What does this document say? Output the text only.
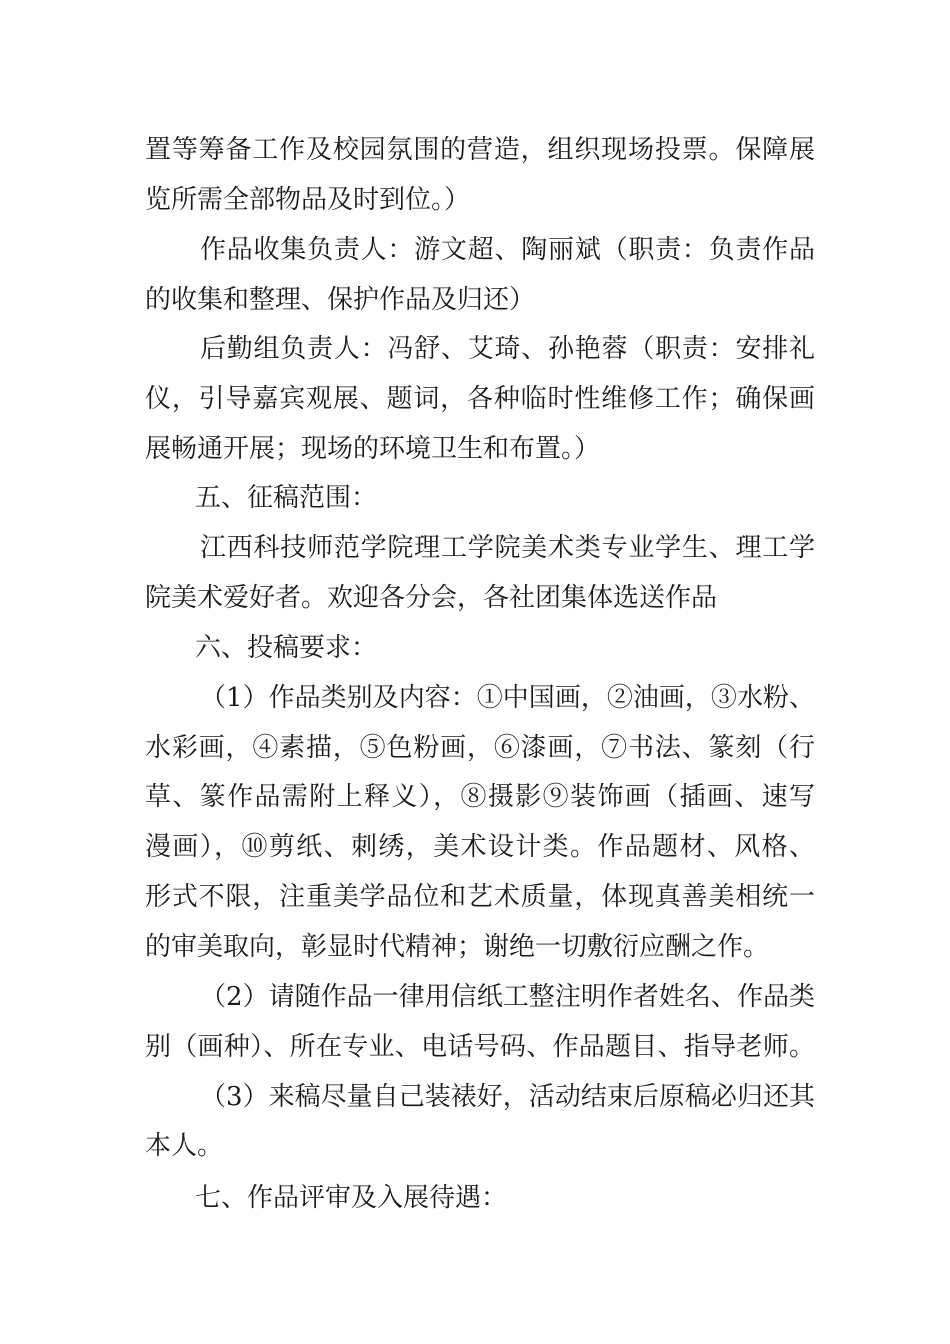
置等筹备工作及校园氛围的营造，组织现场投票。保障展
览所需全部物品及时到位。）
作品收集负责人：游文超、陶丽斌（职责：负责作品
的收集和整理、保护作品及归还）
后勤组负责人：冯舒、艾琦、孙艳蓉（职责：安排礼
仪，引导嘉宾观展、题词，各种临时性维修工作；确保画
展畅通开展；现场的环境卫生和布置。）
五、征稿范围：
江西科技师范学院理工学院美术类专业学生、理工学
院美术爱好者。欢迎各分会，各社团集体选送作品
六、投稿要求：
（1）作品类别及内容：①中国画，②油画，③水粉、
水彩画，④素描，⑤色粉画，⑥漆画，⑦书法、篆刻（行
草、篆作品需附上释义），⑧摄影⑨装饰画（插画、速写
漫画），⑩剪纸、刺绣，美术设计类。作品题材、风格、
形式不限，注重美学品位和艺术质量，体现真善美相统一
的审美取向，彰显时代精神；谢绝一切敷衍应酬之作。
（2）请随作品一律用信纸工整注明作者姓名、作品类
别（画种）、所在专业、电话号码、作品题目、指导老师。
（3）来稿尽量自己装裱好，活动结束后原稿必归还其
本人。
七、作品评审及入展待遇：
